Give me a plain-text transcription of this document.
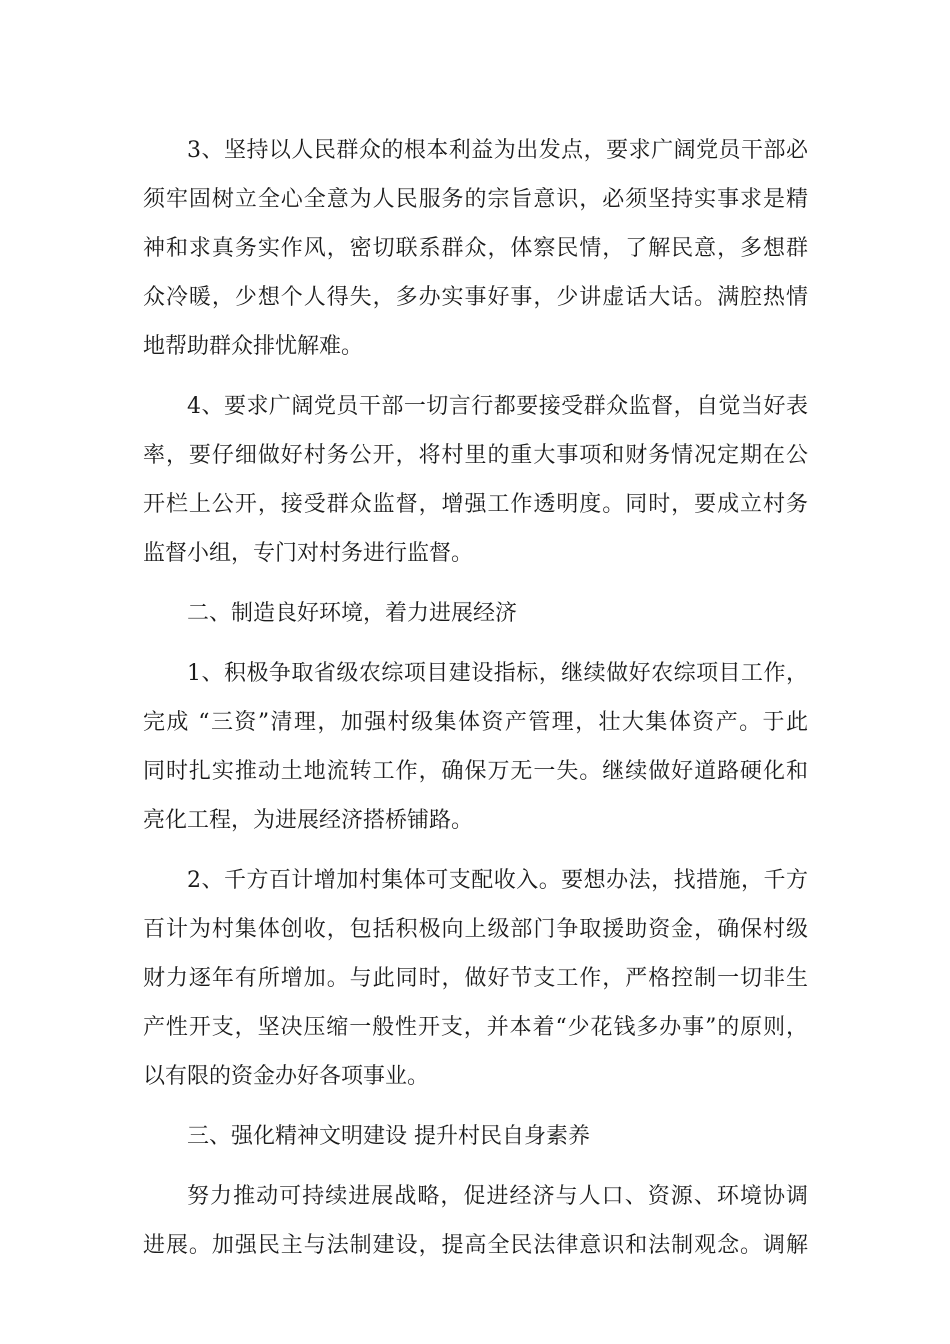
3、坚持以人民群众的根本利益为出发点，要求广阔党员干部必
须牢固树立全心全意为人民服务的宗旨意识，必须坚持实事求是精
神和求真务实作风，密切联系群众，体察民情，了解民意，多想群
众冷暖，少想个人得失，多办实事好事，少讲虚话大话。满腔热情
地帮助群众排忧解难。
4、要求广阔党员干部一切言行都要接受群众监督，自觉当好表
率，要仔细做好村务公开，将村里的重大事项和财务情况定期在公
开栏上公开，接受群众监督，增强工作透明度。同时，要成立村务
监督小组，专门对村务进行监督。
二、制造良好环境，着力进展经济
1、积极争取省级农综项目建设指标，继续做好农综项目工作，
完成 “三资”清理，加强村级集体资产管理，壮大集体资产。于此
同时扎实推动土地流转工作，确保万无一失。继续做好道路硬化和
亮化工程，为进展经济搭桥铺路。
2、千方百计增加村集体可支配收入。要想办法，找措施，千方
百计为村集体创收，包括积极向上级部门争取援助资金，确保村级
财力逐年有所增加。与此同时，做好节支工作，严格控制一切非生
产性开支，坚决压缩一般性开支，并本着“少花钱多办事”的原则，
以有限的资金办好各项事业。
三、强化精神文明建设 提升村民自身素养
努力推动可持续进展战略，促进经济与人口、资源、环境协调
进展。加强民主与法制建设，提高全民法律意识和法制观念。调解
